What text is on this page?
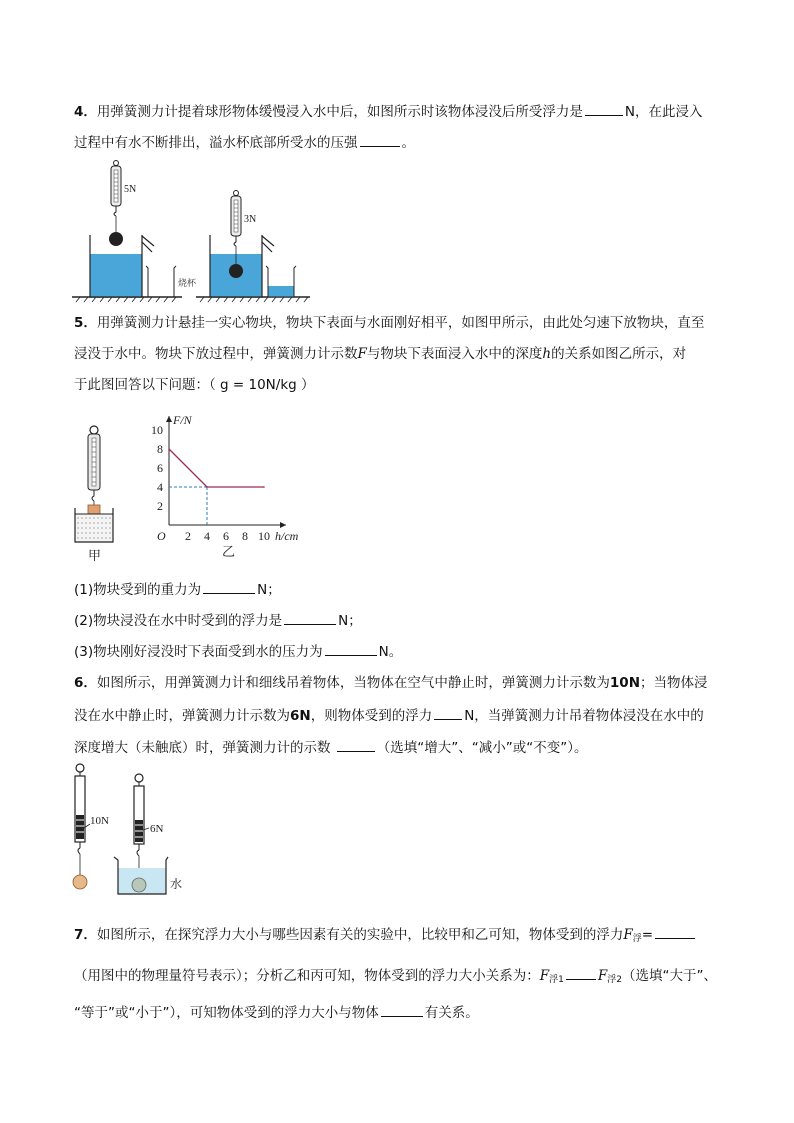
4．用弹簧测力计提着球形物体缓慢浸入水中后，如图所示时该物体浸没后所受浮力是	N，在此浸入
过程中有水不断排出，溢水杯底部所受水的压强	。
烧杯
5N
3N
5．用弹簧测力计悬挂一实心物块，物块下表面与水面刚好相平，如图甲所示，由此处匀速下放物块，直至
浸没于水中。物块下放过程中，弹簧测力计示数F与物块下表面浸入水中的深度h的关系如图乙所示，对
于此图回答以下问题：（ g = 10N/kg ）
甲
2 4 6 8 10
2
4
6
8
10
F/N
h/cm
O
乙
(1)物块受到的重力为	N；
(2)物块浸没在水中时受到的浮力是	N；
(3)物块刚好浸没时下表面受到水的压力为	N。
6．如图所示，用弹簧测力计和细线吊着物体，当物体在空气中静止时，弹簧测力计示数为10N；当物体浸
没在水中静止时，弹簧测力计示数为6N，则物体受到的浮力 N，当弹簧测力计吊着物体浸没在水中的
深度增大（未触底）时，弹簧测力计的示数	（选填“增大”、“减小”或“不变”）。
10N
6N
水
7．如图所示，在探究浮力大小与哪些因素有关的实验中，比较甲和乙可知，物体受到的浮力$F_浮=$
（用图中的物理量符号表示）；分析乙和丙可知，物体受到的浮力大小关系为：$F_{浮1}$	$F_{浮2}$（选填“大于”、
“等于”或“小于”），可知物体受到的浮力大小与物体	有关系。
